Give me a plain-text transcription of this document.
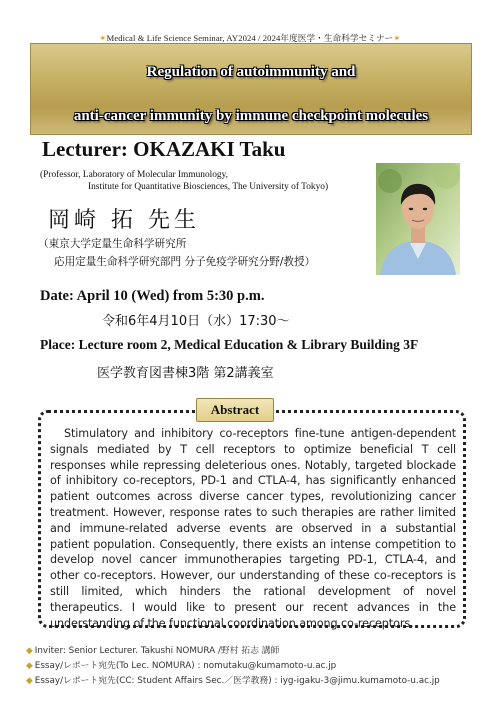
✶Medical & Life Science Seminar, AY2024 / 2024年度医学・生命科学セミナー✶
Regulation of autoimmunity and
anti-cancer immunity by immune checkpoint molecules
Lecturer: OKAZAKI Taku
(Professor, Laboratory of Molecular Immunology,
Institute for Quantitative Biosciences, The University of Tokyo)
岡崎 拓 先生
（東京大学定量生命科学研究所
応用定量生命科学研究部門 分子免疫学研究分野/教授）
Date: April 10 (Wed) from 5:30 p.m.
令和6年4月10日（水）17:30～
Place: Lecture room 2, Medical Education & Library Building 3F
医学教育図書棟3階 第2講義室
Abstract
Stimulatory and inhibitory co-receptors fine-tune antigen-dependent signals mediated by T cell receptors to optimize beneficial T cell responses while repressing deleterious ones. Notably, targeted blockade of inhibitory co-receptors, PD-1 and CTLA-4, has significantly enhanced patient outcomes across diverse cancer types, revolutionizing cancer treatment. However, response rates to such therapies are rather limited and immune-related adverse events are observed in a substantial patient population. Consequently, there exists an intense competition to develop novel cancer immunotherapies targeting PD-1, CTLA-4, and other co-receptors. However, our understanding of these co-receptors is still limited, which hinders the rational development of novel therapeutics. I would like to present our recent advances in the understanding of the functional coordination among co-receptors.
◆ Inviter: Senior Lecturer. Takushi NOMURA /野村 拓志 講師
◆ Essay/レポート宛先(To Lec. NOMURA) : nomutaku@kumamoto-u.ac.jp
◆ Essay/レポート宛先(CC: Student Affairs Sec.／医学教務) : iyg-igaku-3@jimu.kumamoto-u.ac.jp
